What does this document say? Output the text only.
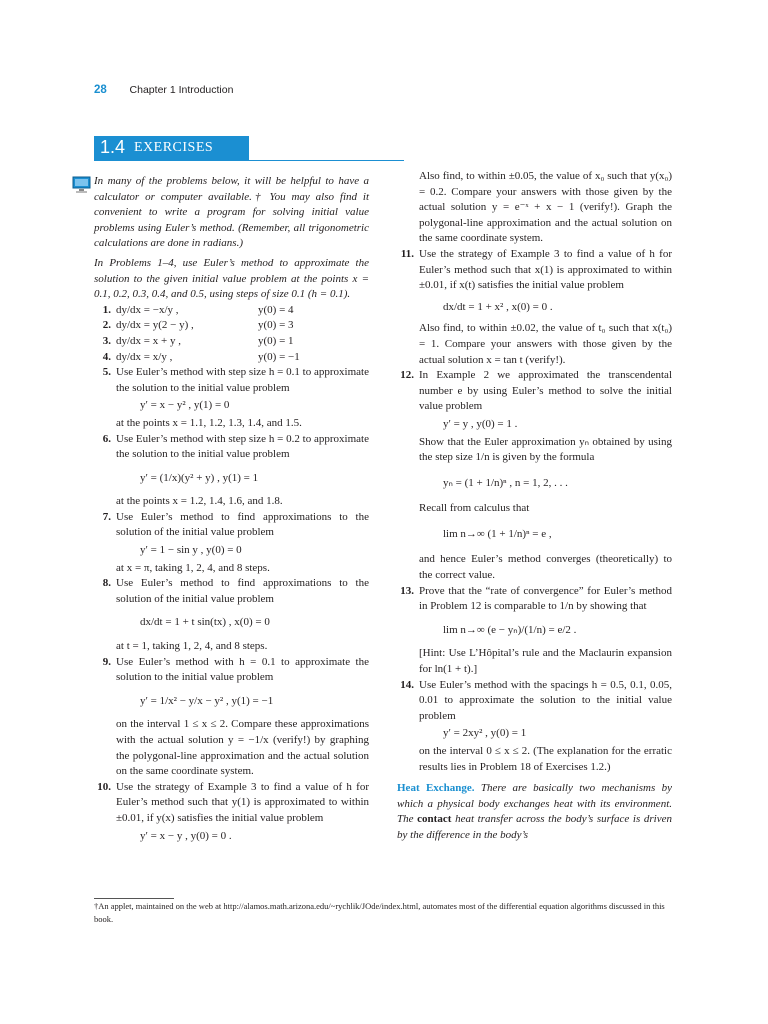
28 Chapter 1 Introduction
1.4 EXERCISES

In many of the problems below, it will be helpful to have a calculator or computer available.† You may also find it convenient to write a program for solving initial value problems using Euler’s method. (Remember, all trigonometric calculations are done in radians.)

In Problems 1–4, use Euler’s method to approximate the solution to the given initial value problem at the points x = 0.1, 0.2, 0.3, 0.4, and 0.5, using steps of size 0.1 (h = 0.1).

1. dy/dx = −x/y ,	y(0) = 4
2. dy/dx = y(2 − y) ,	y(0) = 3
3. dy/dx = x + y ,	y(0) = 1
4. dy/dx = x/y ,	y(0) = −1
5. Use Euler’s method with step size h = 0.1 to approximate the solution to the initial value problem

y′ = x − y² , y(1) = 0

at the points x = 1.1, 1.2, 1.3, 1.4, and 1.5.

6. Use Euler’s method with step size h = 0.2 to approximate the solution to the initial value problem

y′ = (1/x)(y² + y) , y(1) = 1

at the points x = 1.2, 1.4, 1.6, and 1.8.

7. Use Euler’s method to find approximations to the solution of the initial value problem

y′ = 1 − sin y , y(0) = 0

at x = π, taking 1, 2, 4, and 8 steps.

8. Use Euler’s method to find approximations to the solution of the initial value problem

dx/dt = 1 + t sin(tx) , x(0) = 0

at t = 1, taking 1, 2, 4, and 8 steps.

9. Use Euler’s method with h = 0.1 to approximate the solution to the initial value problem

y′ = 1/x² − y/x − y² , y(1) = −1

on the interval 1 ≤ x ≤ 2. Compare these approximations with the actual solution y = −1/x (verify!) by graphing the polygonal-line approximation and the actual solution on the same coordinate system.

10. Use the strategy of Example 3 to find a value of h for Euler’s method such that y(1) is approximated to within ±0.01, if y(x) satisfies the initial value problem

y′ = x − y , y(0) = 0 .

Also find, to within ±0.05, the value of x₀ such that y(x₀) = 0.2. Compare your answers with those given by the actual solution y = e⁻ˣ + x − 1 (verify!). Graph the polygonal-line approximation and the actual solution on the same coordinate system.

11. Use the strategy of Example 3 to find a value of h for Euler’s method such that x(1) is approximated to within ±0.01, if x(t) satisfies the initial value problem

dx/dt = 1 + x² , x(0) = 0 .

Also find, to within ±0.02, the value of t₀ such that x(t₀) = 1. Compare your answers with those given by the actual solution x = tan t (verify!).

12. In Example 2 we approximated the transcendental number e by using Euler’s method to solve the initial value problem

y′ = y , y(0) = 1 .

Show that the Euler approximation yₙ obtained by using the step size 1/n is given by the formula

yₙ = (1 + 1/n)ⁿ , n = 1, 2, . . .

Recall from calculus that

lim n→∞ (1 + 1/n)ⁿ = e ,

and hence Euler’s method converges (theoretically) to the correct value.

13. Prove that the “rate of convergence” for Euler’s method in Problem 12 is comparable to 1/n by showing that

lim n→∞ (e − yₙ)/(1/n) = e/2 .

[Hint: Use L’Hôpital’s rule and the Maclaurin expansion for ln(1 + t).]

14. Use Euler’s method with the spacings h = 0.5, 0.1, 0.05, 0.01 to approximate the solution to the initial value problem

y′ = 2xy² , y(0) = 1

on the interval 0 ≤ x ≤ 2. (The explanation for the erratic results lies in Problem 18 of Exercises 1.2.)

Heat Exchange. There are basically two mechanisms by which a physical body exchanges heat with its environment. The contact heat transfer across the body’s surface is driven by the difference in the body’s

†An applet, maintained on the web at http://alamos.math.arizona.edu/~rychlik/JOde/index.html, automates most of the differential equation algorithms discussed in this book.
